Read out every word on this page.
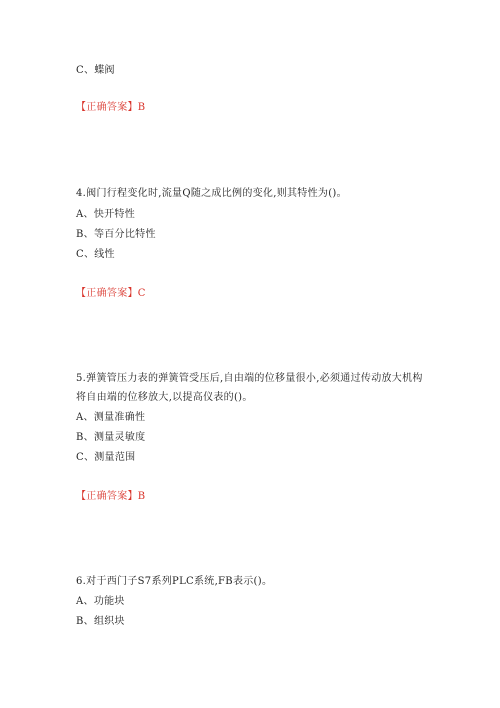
C、蝶阀
【正确答案】B
4.阀门行程变化时,流量Q随之成比例的变化,则其特性为()。
A、快开特性
B、等百分比特性
C、线性
【正确答案】C
5.弹簧管压力表的弹簧管受压后,自由端的位移量很小,必须通过传动放大机构
将自由端的位移放大,以提高仪表的()。
A、测量准确性
B、测量灵敏度
C、测量范围
【正确答案】B
6.对于西门子S7系列PLC系统,FB表示()。
A、功能块
B、组织块
